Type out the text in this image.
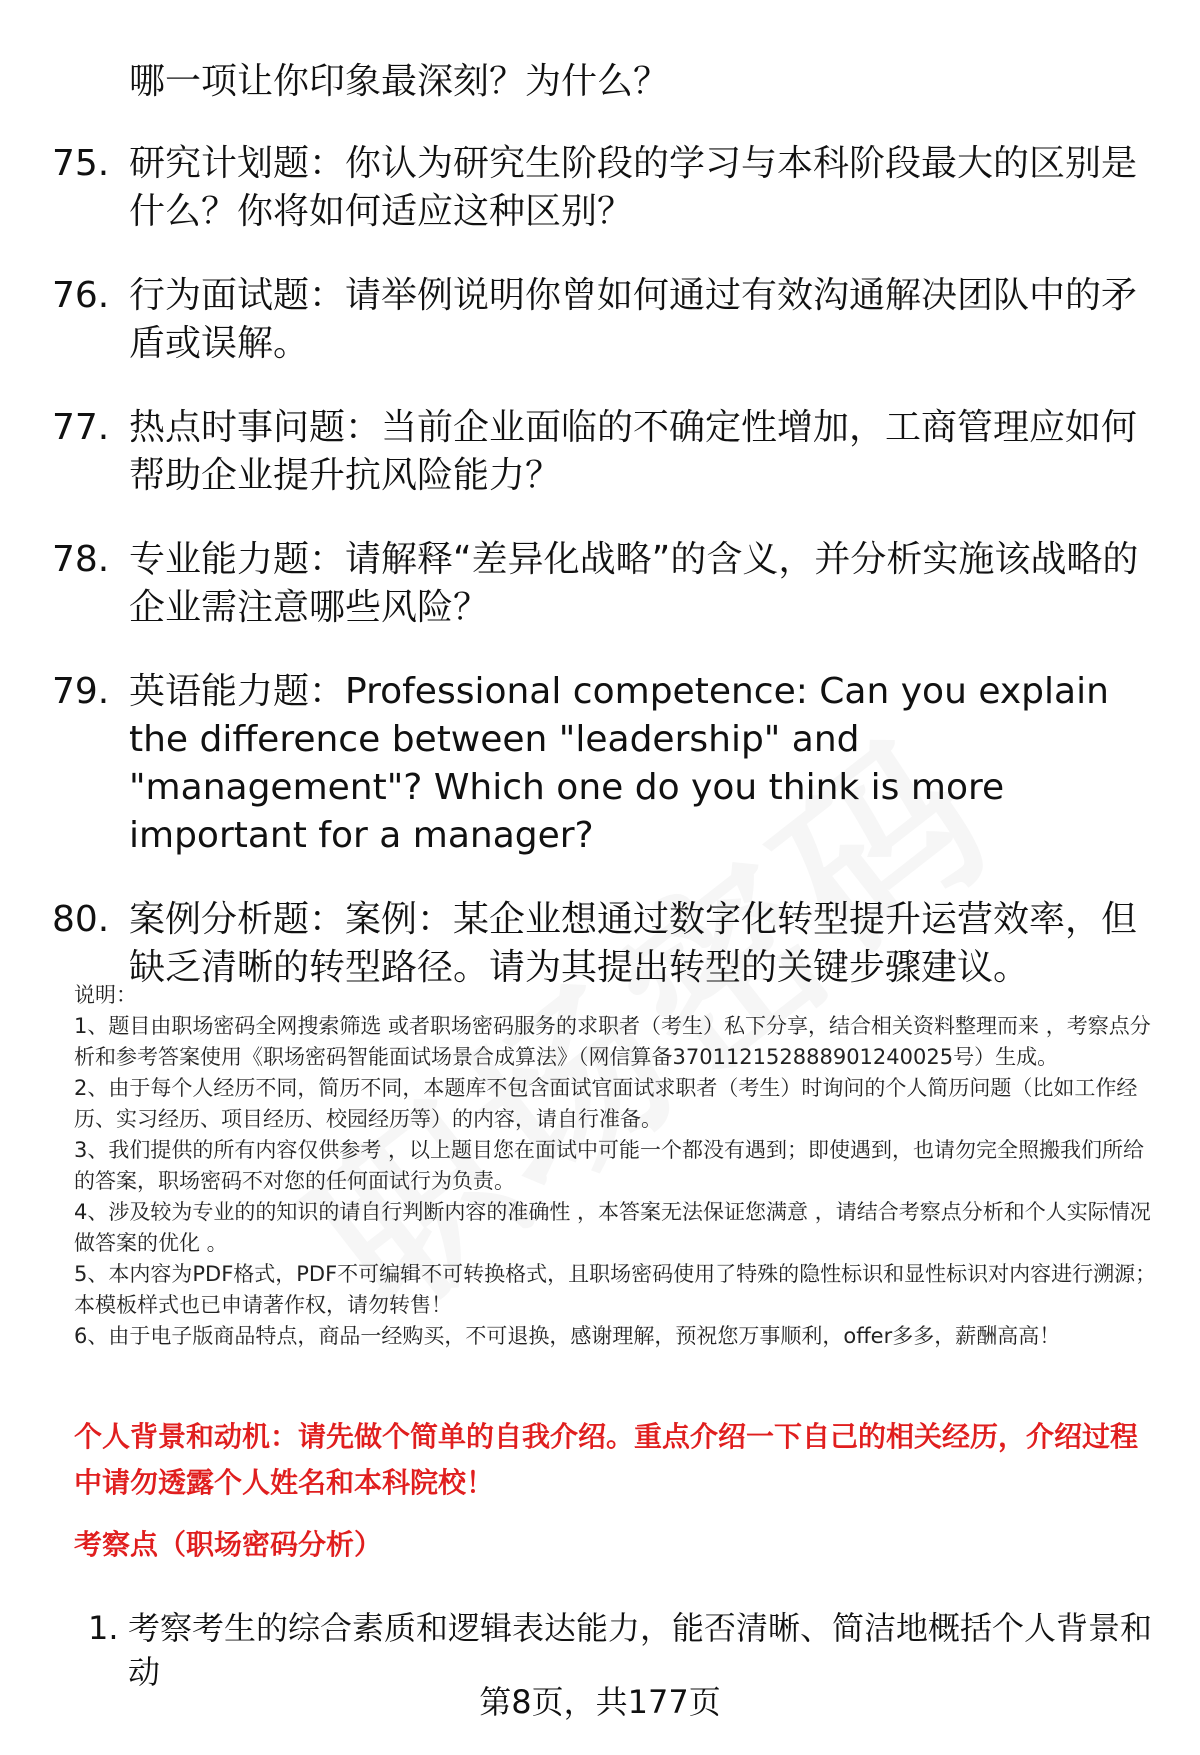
哪一项让你印象最深刻？为什么？

75. 研究计划题：你认为研究生阶段的学习与本科阶段最大的区别是什么？你将如何适应这种区别？
76. 行为面试题：请举例说明你曾如何通过有效沟通解决团队中的矛盾或误解。
77. 热点时事问题：当前企业面临的不确定性增加，工商管理应如何帮助企业提升抗风险能力？
78. 专业能力题：请解释“差异化战略”的含义，并分析实施该战略的企业需注意哪些风险？
79. 英语能力题：Professional competence: Can you explain the difference between "leadership" and "management"? Which one do you think is more important for a manager?
80. 案例分析题：案例：某企业想通过数字化转型提升运营效率，但缺乏清晰的转型路径。请为其提出转型的关键步骤建议。

说明：

1、题目由职场密码全网搜索筛选 或者职场密码服务的求职者（考生）私下分享，结合相关资料整理而来 ，考察点分析和参考答案使用《职场密码智能面试场景合成算法》（网信算备370112152888901240025号）生成。

2、由于每个人经历不同，简历不同，本题库不包含面试官面试求职者（考生）时询问的个人简历问题（比如工作经历、实习经历、项目经历、校园经历等）的内容，请自行准备。

3、我们提供的所有内容仅供参考 ，以上题目您在面试中可能一个都没有遇到；即使遇到，也请勿完全照搬我们所给的答案，职场密码不对您的任何面试行为负责。

4、涉及较为专业的的知识的请自行判断内容的准确性 ，本答案无法保证您满意 ，请结合考察点分析和个人实际情况做答案的优化 。

5、本内容为PDF格式，PDF不可编辑不可转换格式，且职场密码使用了特殊的隐性标识和显性标识对内容进行溯源；本模板样式也已申请著作权，请勿转售！

6、由于电子版商品特点，商品一经购买，不可退换，感谢理解，预祝您万事顺利，offer多多，薪酬高高！

个人背景和动机：请先做个简单的自我介绍。重点介绍一下自己的相关经历，介绍过程中请勿透露个人姓名和本科院校！

考察点（职场密码分析）

1. 考察考生的综合素质和逻辑表达能力，能否清晰、简洁地概括个人背景和动
第8页，共177页
